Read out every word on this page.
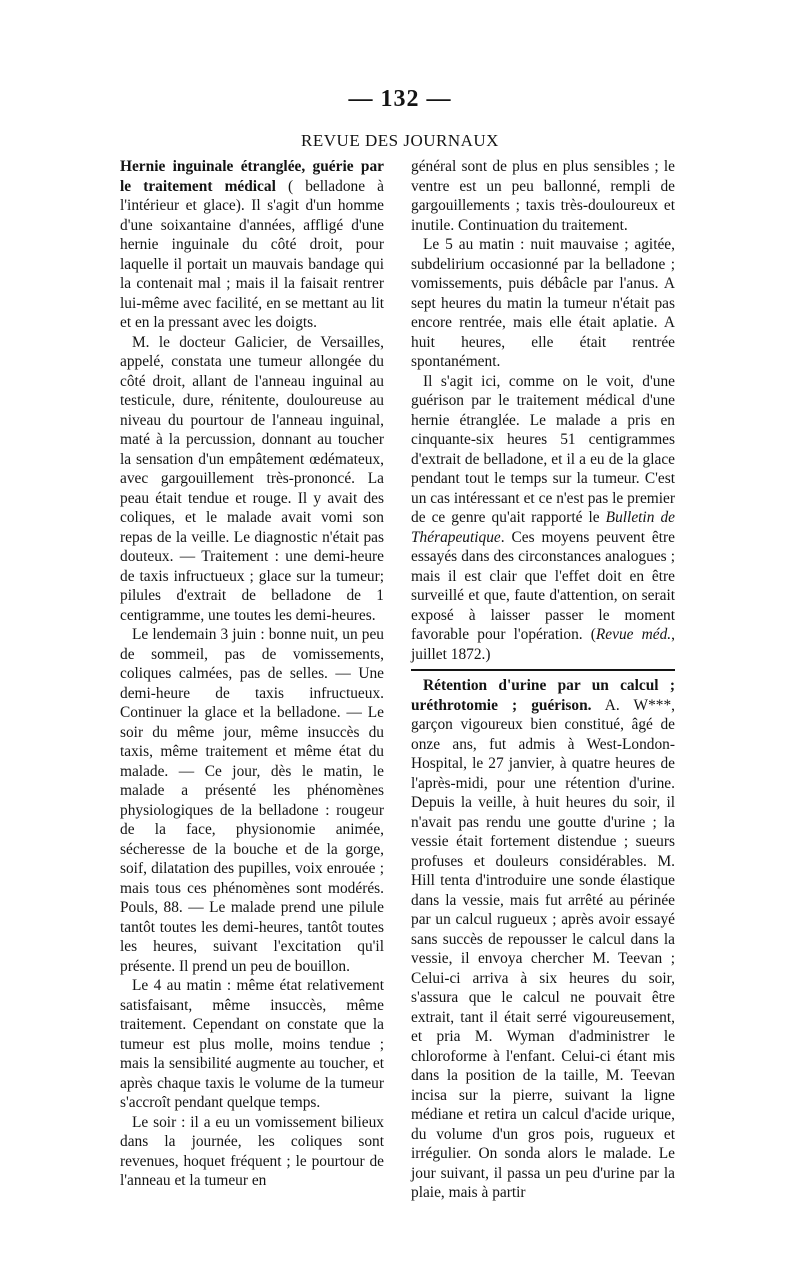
— 132 —
REVUE DES JOURNAUX

Hernie inguinale étranglée, guérie par le traitement médical ( belladone à l'intérieur et glace). Il s'agit d'un homme d'une soixantaine d'années, affligé d'une hernie inguinale du côté droit, pour laquelle il portait un mauvais bandage qui la contenait mal ; mais il la faisait rentrer lui-même avec facilité, en se mettant au lit et en la pressant avec les doigts.

M. le docteur Galicier, de Versailles, appelé, constata une tumeur allongée du côté droit, allant de l'anneau inguinal au testicule, dure, rénitente, douloureuse au niveau du pourtour de l'anneau inguinal, maté à la percussion, donnant au toucher la sensation d'un empâtement œdémateux, avec gargouillement très-prononcé. La peau était tendue et rouge. Il y avait des coliques, et le malade avait vomi son repas de la veille. Le diagnostic n'était pas douteux. — Traitement : une demi-heure de taxis infructueux ; glace sur la tumeur; pilules d'extrait de belladone de 1 centigramme, une toutes les demi-heures.

Le lendemain 3 juin : bonne nuit, un peu de sommeil, pas de vomissements, coliques calmées, pas de selles. — Une demi-heure de taxis infructueux. Continuer la glace et la belladone. — Le soir du même jour, même insuccès du taxis, même traitement et même état du malade. — Ce jour, dès le matin, le malade a présenté les phénomènes physiologiques de la belladone : rougeur de la face, physionomie animée, sécheresse de la bouche et de la gorge, soif, dilatation des pupilles, voix enrouée ; mais tous ces phénomènes sont modérés. Pouls, 88. — Le malade prend une pilule tantôt toutes les demi-heures, tantôt toutes les heures, suivant l'excitation qu'il présente. Il prend un peu de bouillon.

Le 4 au matin : même état relativement satisfaisant, même insuccès, même traitement. Cependant on constate que la tumeur est plus molle, moins tendue ; mais la sensibilité augmente au toucher, et après chaque taxis le volume de la tumeur s'accroît pendant quelque temps.

Le soir : il a eu un vomissement bilieux dans la journée, les coliques sont revenues, hoquet fréquent ; le pourtour de l'anneau et la tumeur en

général sont de plus en plus sensibles ; le ventre est un peu ballonné, rempli de gargouillements ; taxis très-douloureux et inutile. Continuation du traitement.

Le 5 au matin : nuit mauvaise ; agitée, subdelirium occasionné par la belladone ; vomissements, puis débâcle par l'anus. A sept heures du matin la tumeur n'était pas encore rentrée, mais elle était aplatie. A huit heures, elle était rentrée spontanément.

Il s'agit ici, comme on le voit, d'une guérison par le traitement médical d'une hernie étranglée. Le malade a pris en cinquante-six heures 51 centigrammes d'extrait de belladone, et il a eu de la glace pendant tout le temps sur la tumeur. C'est un cas intéressant et ce n'est pas le premier de ce genre qu'ait rapporté le Bulletin de Thérapeutique. Ces moyens peuvent être essayés dans des circonstances analogues ; mais il est clair que l'effet doit en être surveillé et que, faute d'attention, on serait exposé à laisser passer le moment favorable pour l'opération. (Revue méd., juillet 1872.)

Rétention d'urine par un calcul ; uréthrotomie ; guérison. A. W***, garçon vigoureux bien constitué, âgé de onze ans, fut admis à West-London-Hospital, le 27 janvier, à quatre heures de l'après-midi, pour une rétention d'urine. Depuis la veille, à huit heures du soir, il n'avait pas rendu une goutte d'urine ; la vessie était fortement distendue ; sueurs profuses et douleurs considérables. M. Hill tenta d'introduire une sonde élastique dans la vessie, mais fut arrêté au périnée par un calcul rugueux ; après avoir essayé sans succès de repousser le calcul dans la vessie, il envoya chercher M. Teevan ; Celui-ci arriva à six heures du soir, s'assura que le calcul ne pouvait être extrait, tant il était serré vigoureusement, et pria M. Wyman d'administrer le chloroforme à l'enfant. Celui-ci étant mis dans la position de la taille, M. Teevan incisa sur la pierre, suivant la ligne médiane et retira un calcul d'acide urique, du volume d'un gros pois, rugueux et irrégulier. On sonda alors le malade. Le jour suivant, il passa un peu d'urine par la plaie, mais à partir
